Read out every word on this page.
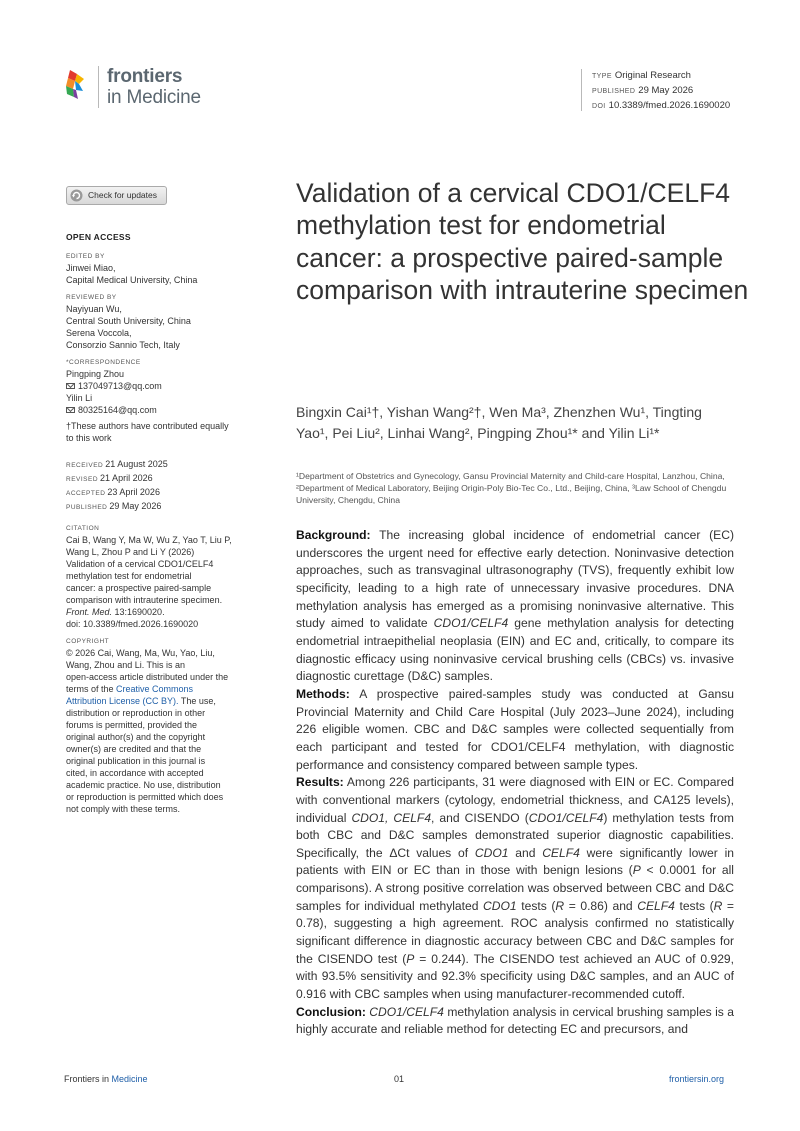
frontiers
in Medicine
TYPE Original Research
PUBLISHED 29 May 2026
DOI 10.3389/fmed.2026.1690020
Check for updates
OPEN ACCESS
EDITED BY
Jinwei Miao,
Capital Medical University, China
REVIEWED BY
Nayiyuan Wu,
Central South University, China
Serena Voccola,
Consorzio Sannio Tech, Italy
*CORRESPONDENCE
Pingping Zhou
137049713@qq.com
Yilin Li
80325164@qq.com
†These authors have contributed equally
to this work
RECEIVED 21 August 2025
REVISED 21 April 2026
ACCEPTED 23 April 2026
PUBLISHED 29 May 2026
CITATION
Cai B, Wang Y, Ma W, Wu Z, Yao T, Liu P,
Wang L, Zhou P and Li Y (2026)
Validation of a cervical CDO1/CELF4
methylation test for endometrial
cancer: a prospective paired-sample
comparison with intrauterine specimen.
Front. Med. 13:1690020.
doi: 10.3389/fmed.2026.1690020
COPYRIGHT
© 2026 Cai, Wang, Ma, Wu, Yao, Liu,
Wang, Zhou and Li. This is an
open-access article distributed under the
terms of the Creative Commons
Attribution License (CC BY). The use,
distribution or reproduction in other
forums is permitted, provided the
original author(s) and the copyright
owner(s) are credited and that the
original publication in this journal is
cited, in accordance with accepted
academic practice. No use, distribution
or reproduction is permitted which does
not comply with these terms.
Validation of a cervical CDO1/CELF4 methylation test for endometrial cancer: a prospective paired-sample comparison with intrauterine specimen
Bingxin Cai¹†, Yishan Wang²†, Wen Ma³, Zhenzhen Wu¹, Tingting Yao¹, Pei Liu², Linhai Wang², Pingping Zhou¹* and Yilin Li¹*
¹Department of Obstetrics and Gynecology, Gansu Provincial Maternity and Child-care Hospital, Lanzhou, China, ²Department of Medical Laboratory, Beijing Origin-Poly Bio-Tec Co., Ltd., Beijing, China, ³Law School of Chengdu University, Chengdu, China

Background: The increasing global incidence of endometrial cancer (EC) underscores the urgent need for effective early detection. Noninvasive detection approaches, such as transvaginal ultrasonography (TVS), frequently exhibit low specificity, leading to a high rate of unnecessary invasive procedures. DNA methylation analysis has emerged as a promising noninvasive alternative. This study aimed to validate CDO1/CELF4 gene methylation analysis for detecting endometrial intraepithelial neoplasia (EIN) and EC and, critically, to compare its diagnostic efficacy using noninvasive cervical brushing cells (CBCs) vs. invasive diagnostic curettage (D&C) samples.

Methods: A prospective paired-samples study was conducted at Gansu Provincial Maternity and Child Care Hospital (July 2023–June 2024), including 226 eligible women. CBC and D&C samples were collected sequentially from each participant and tested for CDO1/CELF4 methylation, with diagnostic performance and consistency compared between sample types.

Results: Among 226 participants, 31 were diagnosed with EIN or EC. Compared with conventional markers (cytology, endometrial thickness, and CA125 levels), individual CDO1, CELF4, and CISENDO (CDO1/CELF4) methylation tests from both CBC and D&C samples demonstrated superior diagnostic capabilities. Specifically, the ΔCt values of CDO1 and CELF4 were significantly lower in patients with EIN or EC than in those with benign lesions (P < 0.0001 for all comparisons). A strong positive correlation was observed between CBC and D&C samples for individual methylated CDO1 tests (R = 0.86) and CELF4 tests (R = 0.78), suggesting a high agreement. ROC analysis confirmed no statistically significant difference in diagnostic accuracy between CBC and D&C samples for the CISENDO test (P = 0.244). The CISENDO test achieved an AUC of 0.929, with 93.5% sensitivity and 92.3% specificity using D&C samples, and an AUC of 0.916 with CBC samples when using manufacturer-recommended cutoff.

Conclusion: CDO1/CELF4 methylation analysis in cervical brushing samples is a highly accurate and reliable method for detecting EC and precursors, and

Frontiers in Medicine	01	frontiersin.org
